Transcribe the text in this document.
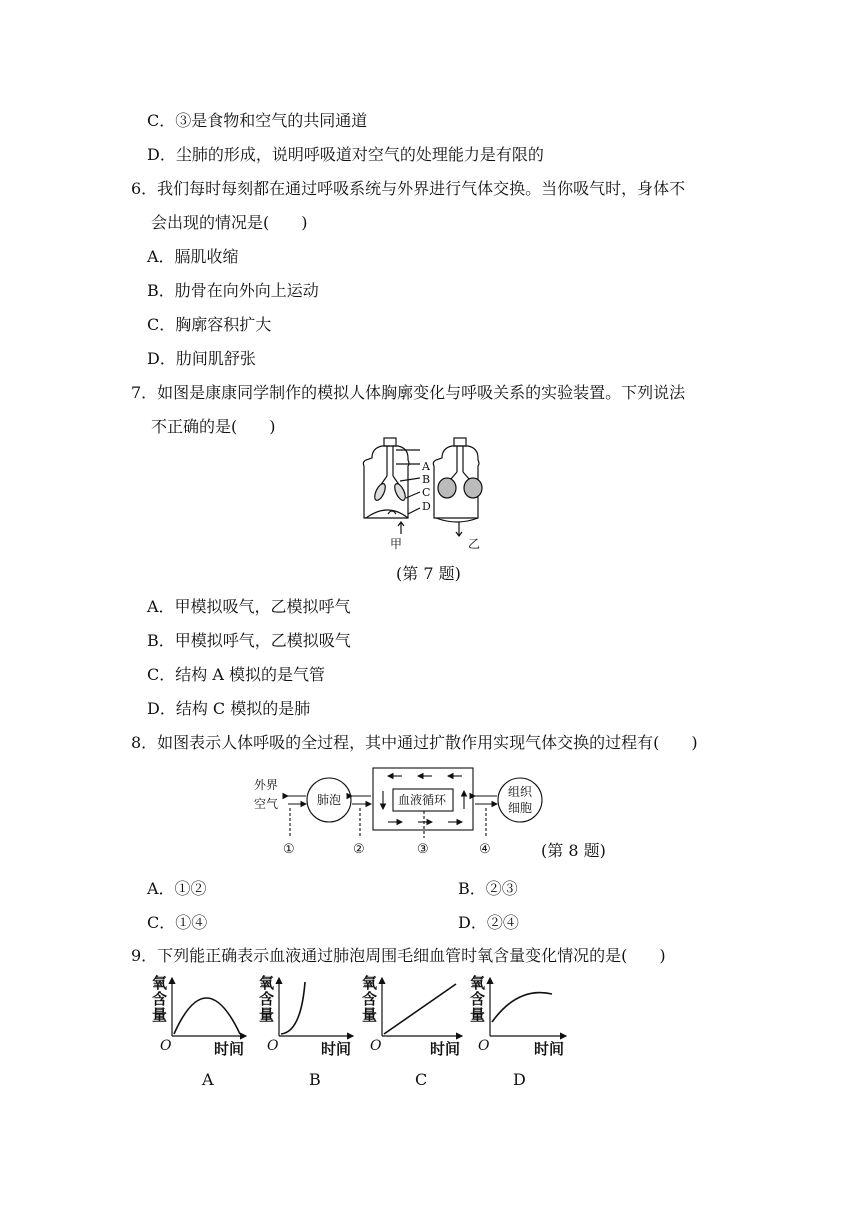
C．③是食物和空气的共同通道
D．尘肺的形成，说明呼吸道对空气的处理能力是有限的
6．我们每时每刻都在通过呼吸系统与外界进行气体交换。当你吸气时，身体不
会出现的情况是(　　)
A．膈肌收缩
B．肋骨在向外向上运动
C．胸廓容积扩大
D．肋间肌舒张
7．如图是康康同学制作的模拟人体胸廓变化与呼吸关系的实验装置。下列说法
不正确的是(　　)
A
B
C
D
甲	乙
(第 7 题)
A．甲模拟吸气，乙模拟呼气
B．甲模拟呼气，乙模拟吸气
C．结构 A 模拟的是气管
D．结构 C 模拟的是肺
8．如图表示人体呼吸的全过程，其中通过扩散作用实现气体交换的过程有(　　)
外界
空气	肺泡	血液循环
组织
细胞
①	②	③	④	(第 8 题)
A．①②	B．②③
C．①④	D．②④
9．下列能正确表示血液通过肺泡周围毛细血管时氧含量变化情况的是(　　)
氧
含
量
O	时间
氧
含
量
O	时间
氧
含
量
O	时间
氧
含
量
O	时间
A	B	C	D
